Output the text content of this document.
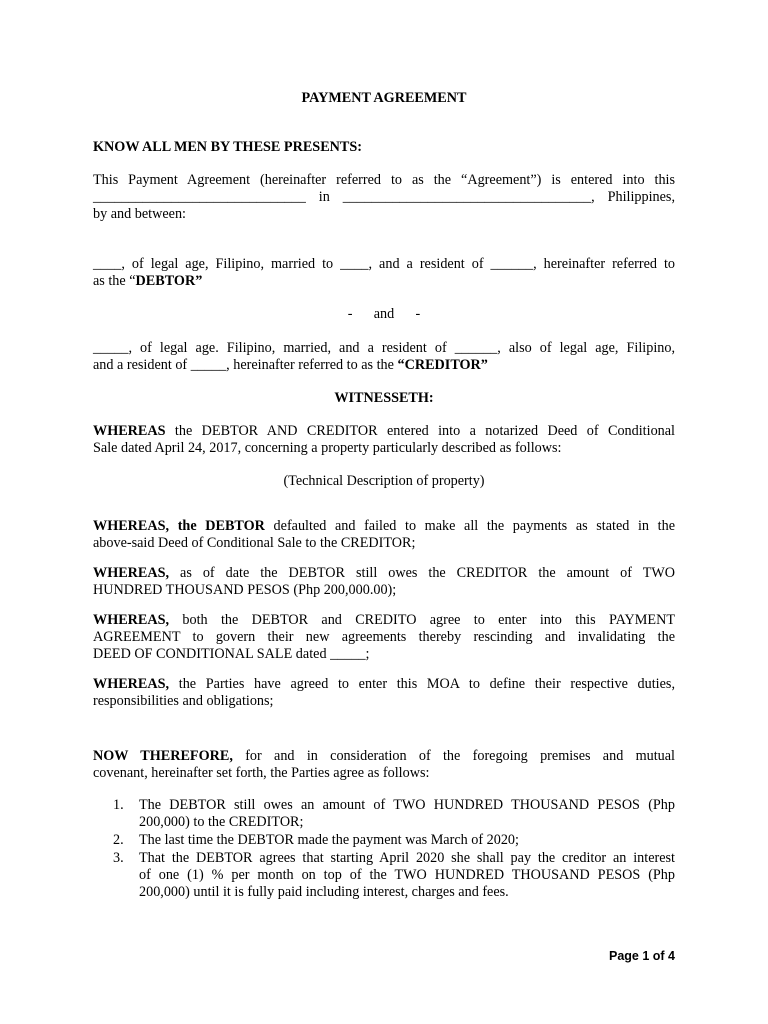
PAYMENT AGREEMENT
KNOW ALL MEN BY THESE PRESENTS:
This Payment Agreement (hereinafter referred to as the “Agreement”) is entered into this
______________________________ in ___________________________________, Philippines,
by and between:
____, of legal age, Filipino, married to ____, and a resident of ______, hereinafter referred to
as the “DEBTOR”
-      and      -
_____, of legal age. Filipino, married, and a resident of ______, also of legal age, Filipino,
and a resident of _____, hereinafter referred to as the “CREDITOR”
WITNESSETH:
WHEREAS the DEBTOR AND CREDITOR entered into a notarized Deed of Conditional
Sale dated April 24, 2017, concerning a property particularly described as follows:
(Technical Description of property)
WHEREAS, the DEBTOR defaulted and failed to make all the payments as stated in the
above-said Deed of Conditional Sale to the CREDITOR;
WHEREAS, as of date the DEBTOR still owes the CREDITOR the amount of TWO
HUNDRED THOUSAND PESOS (Php 200,000.00);
WHEREAS, both the DEBTOR and CREDITO agree to enter into this PAYMENT
AGREEMENT to govern their new agreements thereby rescinding and invalidating the
DEED OF CONDITIONAL SALE dated _____;
WHEREAS, the Parties have agreed to enter this MOA to define their respective duties,
responsibilities and obligations;
NOW THEREFORE, for and in consideration of the foregoing premises and mutual
covenant, hereinafter set forth, the Parties agree as follows:
1.	The DEBTOR still owes an amount of TWO HUNDRED THOUSAND PESOS (Php
200,000) to the CREDITOR;
2.	The last time the DEBTOR made the payment was March of 2020;
3.	That the DEBTOR agrees that starting April 2020 she shall pay the creditor an interest
of one (1) % per month on top of the TWO HUNDRED THOUSAND PESOS (Php
200,000) until it is fully paid including interest, charges and fees.
Page 1 of 4
